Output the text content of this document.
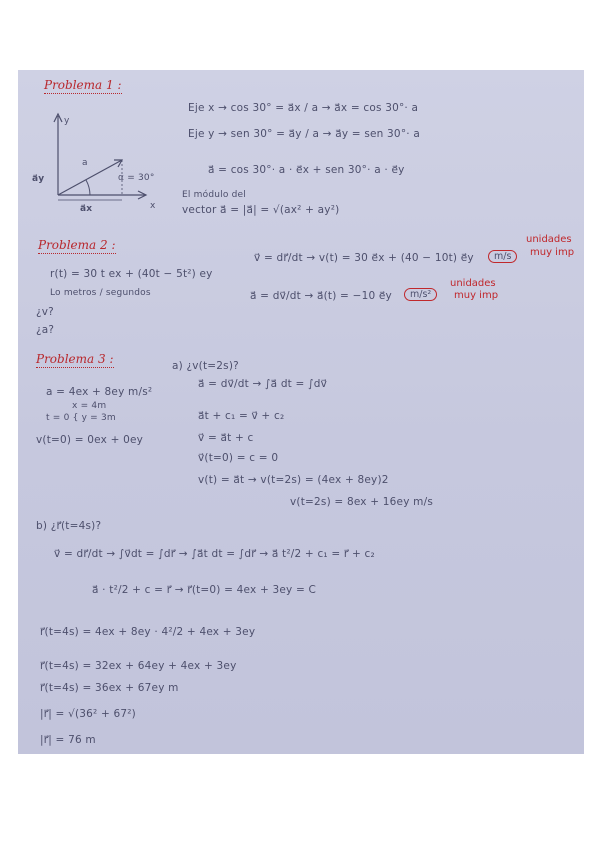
Problema 1 :
y
x
a
α = 30°
a⃗y
a⃗x
Eje x → cos 30° = a⃗x / a → a⃗x = cos 30°· a
Eje y → sen 30° = a⃗y / a → a⃗y = sen 30°· a
a⃗ = cos 30°· a · e⃗x + sen 30°· a · e⃗y
El módulo del
vector a⃗ = |a⃗| = √(ax² + ay²)
Problema 2 :
r(t) = 30 t ex + (40t − 5t²) ey
Lo metros / segundos
¿v?
¿a?
v⃗ = dr⃗/dt → v(t) = 30 e⃗x + (40 − 10t) e⃗y	m/s
unidades
muy imp
a⃗ = dv⃗/dt → a⃗(t) = −10 e⃗y	m/s²
unidades
muy imp
Problema 3 :
a = 4ex + 8ey m/s²
x = 4m
t = 0 { y = 3m
v(t=0) = 0ex + 0ey
a) ¿v(t=2s)?
a⃗ = dv⃗/dt → ∫a⃗ dt = ∫dv⃗
a⃗t + c₁ = v⃗ + c₂
v⃗ = a⃗t + c
v⃗(t=0) = c = 0
v(t) = a⃗t → v(t=2s) = (4ex + 8ey)2
v(t=2s) = 8ex + 16ey m/s
b) ¿r⃗(t=4s)?
v⃗ = dr⃗/dt → ∫v⃗dt = ∫dr⃗ → ∫a⃗t dt = ∫dr⃗ → a⃗ t²/2 + c₁ = r⃗ + c₂
a⃗ · t²/2 + c = r⃗ → r⃗(t=0) = 4ex + 3ey = C
r⃗(t=4s) = 4ex + 8ey · 4²/2 + 4ex + 3ey
r⃗(t=4s) = 32ex + 64ey + 4ex + 3ey
r⃗(t=4s) = 36ex + 67ey m
|r⃗| = √(36² + 67²)
|r⃗| = 76 m
